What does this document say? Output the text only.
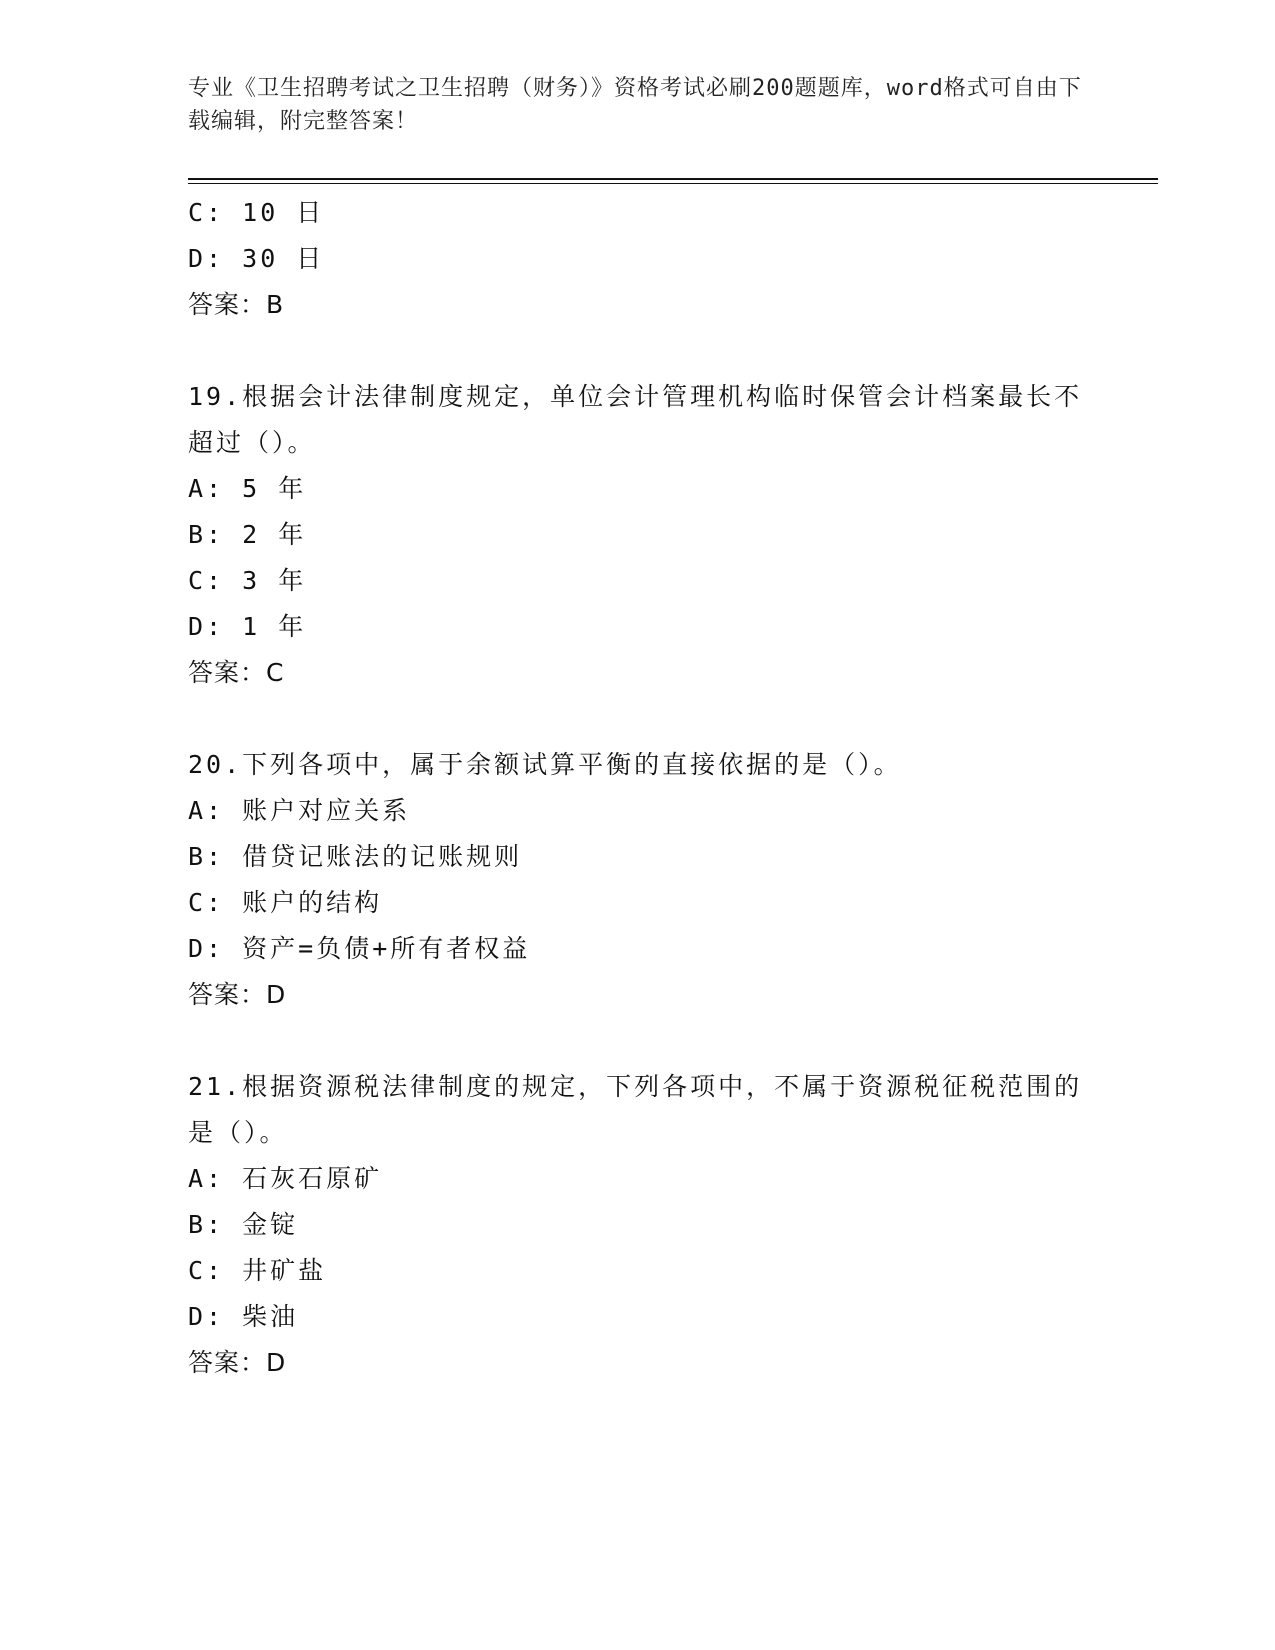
专业《卫生招聘考试之卫生招聘（财务）》资格考试必刷200题题库，word格式可自由下载编辑，附完整答案！
C: 10 日
D: 30 日
答案：B
19.根据会计法律制度规定，单位会计管理机构临时保管会计档案最长不超过（）。
A: 5 年
B: 2 年
C: 3 年
D: 1 年
答案：C
20.下列各项中，属于余额试算平衡的直接依据的是（）。
A: 账户对应关系
B: 借贷记账法的记账规则
C: 账户的结构
D: 资产=负债+所有者权益
答案：D
21.根据资源税法律制度的规定，下列各项中，不属于资源税征税范围的是（）。
A: 石灰石原矿
B: 金锭
C: 井矿盐
D: 柴油
答案：D
